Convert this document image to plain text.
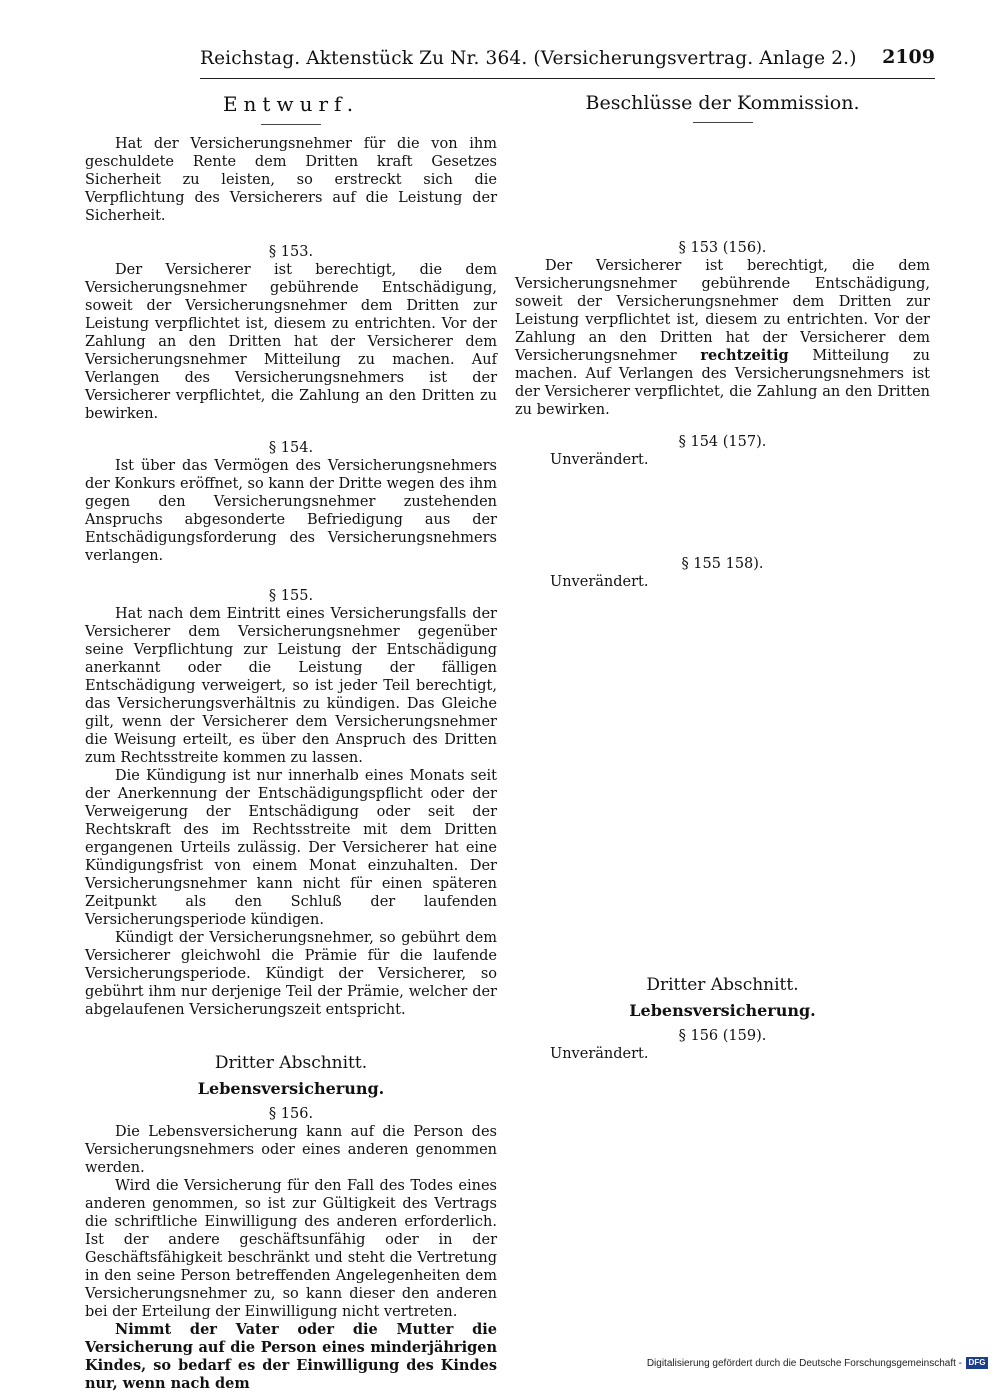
Reichstag. Aktenstück Zu Nr. 364. (Versicherungsvertrag. Anlage 2.) 2109
Entwurf.

Hat der Versicherungsnehmer für die von ihm geschuldete Rente dem Dritten kraft Gesetzes Sicherheit zu leisten, so erstreckt sich die Verpflichtung des Versicherers auf die Leistung der Sicherheit.

§ 153.

Der Versicherer ist berechtigt, die dem Versicherungsnehmer gebührende Entschädigung, soweit der Versicherungsnehmer dem Dritten zur Leistung verpflichtet ist, diesem zu entrichten. Vor der Zahlung an den Dritten hat der Versicherer dem Versicherungsnehmer Mitteilung zu machen. Auf Verlangen des Versicherungsnehmers ist der Versicherer verpflichtet, die Zahlung an den Dritten zu bewirken.

§ 154.

Ist über das Vermögen des Versicherungsnehmers der Konkurs eröffnet, so kann der Dritte wegen des ihm gegen den Versicherungsnehmer zustehenden Anspruchs abgesonderte Befriedigung aus der Entschädigungsforderung des Versicherungsnehmers verlangen.

§ 155.

Hat nach dem Eintritt eines Versicherungsfalls der Versicherer dem Versicherungsnehmer gegenüber seine Verpflichtung zur Leistung der Entschädigung anerkannt oder die Leistung der fälligen Entschädigung verweigert, so ist jeder Teil berechtigt, das Versicherungsverhältnis zu kündigen. Das Gleiche gilt, wenn der Versicherer dem Versicherungsnehmer die Weisung erteilt, es über den Anspruch des Dritten zum Rechtsstreite kommen zu lassen.

Die Kündigung ist nur innerhalb eines Monats seit der Anerkennung der Entschädigungspflicht oder der Verweigerung der Entschädigung oder seit der Rechtskraft des im Rechtsstreite mit dem Dritten ergangenen Urteils zulässig. Der Versicherer hat eine Kündigungsfrist von einem Monat einzuhalten. Der Versicherungsnehmer kann nicht für einen späteren Zeitpunkt als den Schluß der laufenden Versicherungsperiode kündigen.

Kündigt der Versicherungsnehmer, so gebührt dem Versicherer gleichwohl die Prämie für die laufende Versicherungsperiode. Kündigt der Versicherer, so gebührt ihm nur derjenige Teil der Prämie, welcher der abgelaufenen Versicherungszeit entspricht.

Dritter Abschnitt.
Lebensversicherung.
§ 156.

Die Lebensversicherung kann auf die Person des Versicherungsnehmers oder eines anderen genommen werden.

Wird die Versicherung für den Fall des Todes eines anderen genommen, so ist zur Gültigkeit des Vertrags die schriftliche Einwilligung des anderen erforderlich. Ist der andere geschäftsunfähig oder in der Geschäftsfähigkeit beschränkt und steht die Vertretung in den seine Person betreffenden Angelegenheiten dem Versicherungsnehmer zu, so kann dieser den anderen bei der Erteilung der Einwilligung nicht vertreten.

Nimmt der Vater oder die Mutter die Versicherung auf die Person eines minderjährigen Kindes, so bedarf es der Einwilligung des Kindes nur, wenn nach dem

Beschlüsse der Kommission.
§ 153 (156).

Der Versicherer ist berechtigt, die dem Versicherungsnehmer gebührende Entschädigung, soweit der Versicherungsnehmer dem Dritten zur Leistung verpflichtet ist, diesem zu entrichten. Vor der Zahlung an den Dritten hat der Versicherer dem Versicherungsnehmer rechtzeitig Mitteilung zu machen. Auf Verlangen des Versicherungsnehmers ist der Versicherer verpflichtet, die Zahlung an den Dritten zu bewirken.

§ 154 (157).
Unverändert.
§ 155 158).
Unverändert.
Dritter Abschnitt.
Lebensversicherung.
§ 156 (159).
Unverändert.
Digitalisierung gefördert durch die Deutsche Forschungsgemeinschaft - DFG
